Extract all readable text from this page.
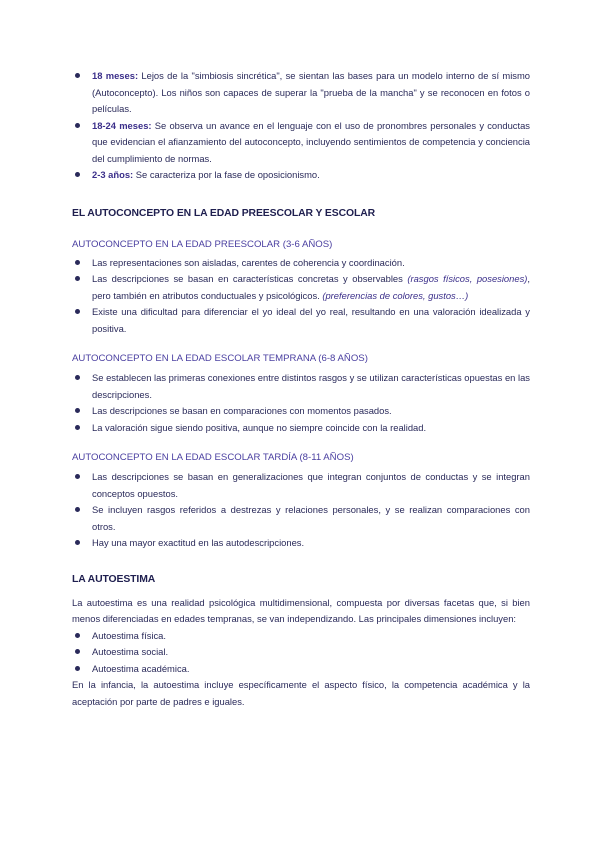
18 meses: Lejos de la "simbiosis sincrética", se sientan las bases para un modelo interno de sí mismo (Autoconcepto). Los niños son capaces de superar la "prueba de la mancha" y se reconocen en fotos o películas.
18-24 meses: Se observa un avance en el lenguaje con el uso de pronombres personales y conductas que evidencian el afianzamiento del autoconcepto, incluyendo sentimientos de competencia y conciencia del cumplimiento de normas.
2-3 años: Se caracteriza por la fase de oposicionismo.
EL AUTOCONCEPTO EN LA EDAD PREESCOLAR Y ESCOLAR
AUTOCONCEPTO EN LA EDAD PREESCOLAR (3-6 AÑOS)
Las representaciones son aisladas, carentes de coherencia y coordinación.
Las descripciones se basan en características concretas y observables (rasgos físicos, posesiones), pero también en atributos conductuales y psicológicos. (preferencias de colores, gustos…)
Existe una dificultad para diferenciar el yo ideal del yo real, resultando en una valoración idealizada y positiva.
AUTOCONCEPTO EN LA EDAD ESCOLAR TEMPRANA (6-8 AÑOS)
Se establecen las primeras conexiones entre distintos rasgos y se utilizan características opuestas en las descripciones.
Las descripciones se basan en comparaciones con momentos pasados.
La valoración sigue siendo positiva, aunque no siempre coincide con la realidad.
AUTOCONCEPTO EN LA EDAD ESCOLAR TARDÍA (8-11 AÑOS)
Las descripciones se basan en generalizaciones que integran conjuntos de conductas y se integran conceptos opuestos.
Se incluyen rasgos referidos a destrezas y relaciones personales, y se realizan comparaciones con otros.
Hay una mayor exactitud en las autodescripciones.
LA AUTOESTIMA

La autoestima es una realidad psicológica multidimensional, compuesta por diversas facetas que, si bien menos diferenciadas en edades tempranas, se van independizando. Las principales dimensiones incluyen:

Autoestima física.
Autoestima social.
Autoestima académica.

En la infancia, la autoestima incluye específicamente el aspecto físico, la competencia académica y la aceptación por parte de padres e iguales.
